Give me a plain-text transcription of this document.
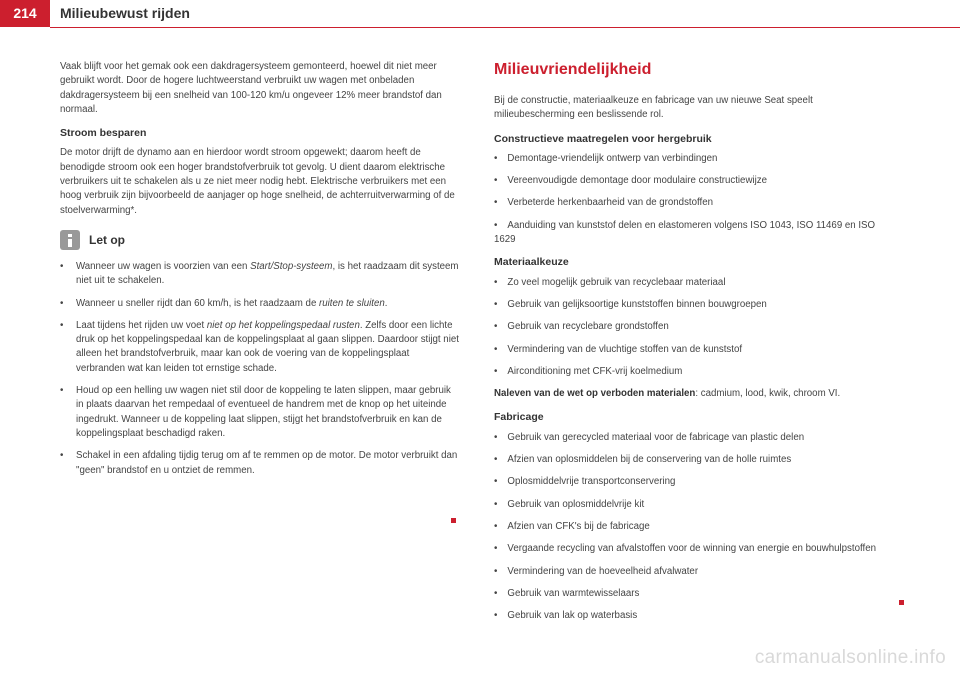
214	Milieubewust rijden

Vaak blijft voor het gemak ook een dakdragersysteem gemonteerd, hoewel dit niet meer gebruikt wordt. Door de hogere luchtweerstand verbruikt uw wagen met onbeladen dakdragersysteem bij een snelheid van 100-120 km/u ongeveer 12% meer brandstof dan normaal.

Stroom besparen

De motor drijft de dynamo aan en hierdoor wordt stroom opgewekt; daarom heeft de benodigde stroom ook een hoger brandstofverbruik tot gevolg. U dient daarom elektrische verbruikers uit te schakelen als u ze niet meer nodig hebt. Elektrische verbruikers met een hoog verbruik zijn bijvoorbeeld de aanjager op hoge snelheid, de achterruitverwarming of de stoelverwarming*.

Let op
• Wanneer uw wagen is voorzien van een Start/Stop-systeem, is het raadzaam dit systeem niet uit te schakelen.
• Wanneer u sneller rijdt dan 60 km/h, is het raadzaam de ruiten te sluiten.
• Laat tijdens het rijden uw voet niet op het koppelingspedaal rusten. Zelfs door een lichte druk op het koppelingspedaal kan de koppelingsplaat al gaan slippen. Daardoor stijgt niet alleen het brandstofverbruik, maar kan ook de voering van de koppelingsplaat verbranden wat kan leiden tot ernstige schade.
• Houd op een helling uw wagen niet stil door de koppeling te laten slippen, maar gebruik in plaats daarvan het rempedaal of eventueel de handrem met de knop op het uiteinde ingedrukt. Wanneer u de koppeling laat slippen, stijgt het brandstofverbruik en kan de koppelingsplaat beschadigd raken.
• Schakel in een afdaling tijdig terug om af te remmen op de motor. De motor verbruikt dan "geen" brandstof en u ontziet de remmen.
Milieuvriendelijkheid

Bij de constructie, materiaalkeuze en fabricage van uw nieuwe Seat speelt milieubescherming een beslissende rol.

Constructieve maatregelen voor hergebruik

• Demontage-vriendelijk ontwerp van verbindingen
• Vereenvoudigde demontage door modulaire constructiewijze
• Verbeterde herkenbaarheid van de grondstoffen
• Aanduiding van kunststof delen en elastomeren volgens ISO 1043, ISO 11469 en ISO 1629

Materiaalkeuze

• Zo veel mogelijk gebruik van recyclebaar materiaal
• Gebruik van gelijksoortige kunststoffen binnen bouwgroepen
• Gebruik van recyclebare grondstoffen
• Vermindering van de vluchtige stoffen van de kunststof
• Airconditioning met CFK-vrij koelmedium

Naleven van de wet op verboden materialen: cadmium, lood, kwik, chroom VI.

Fabricage

• Gebruik van gerecycled materiaal voor de fabricage van plastic delen
• Afzien van oplosmiddelen bij de conservering van de holle ruimtes
• Oplosmiddelvrije transportconservering
• Gebruik van oplosmiddelvrije kit
• Afzien van CFK's bij de fabricage
• Vergaande recycling van afvalstoffen voor de winning van energie en bouwhulpstoffen
• Vermindering van de hoeveelheid afvalwater
• Gebruik van warmtewisselaars
• Gebruik van lak op waterbasis
carmanualsonline.info
